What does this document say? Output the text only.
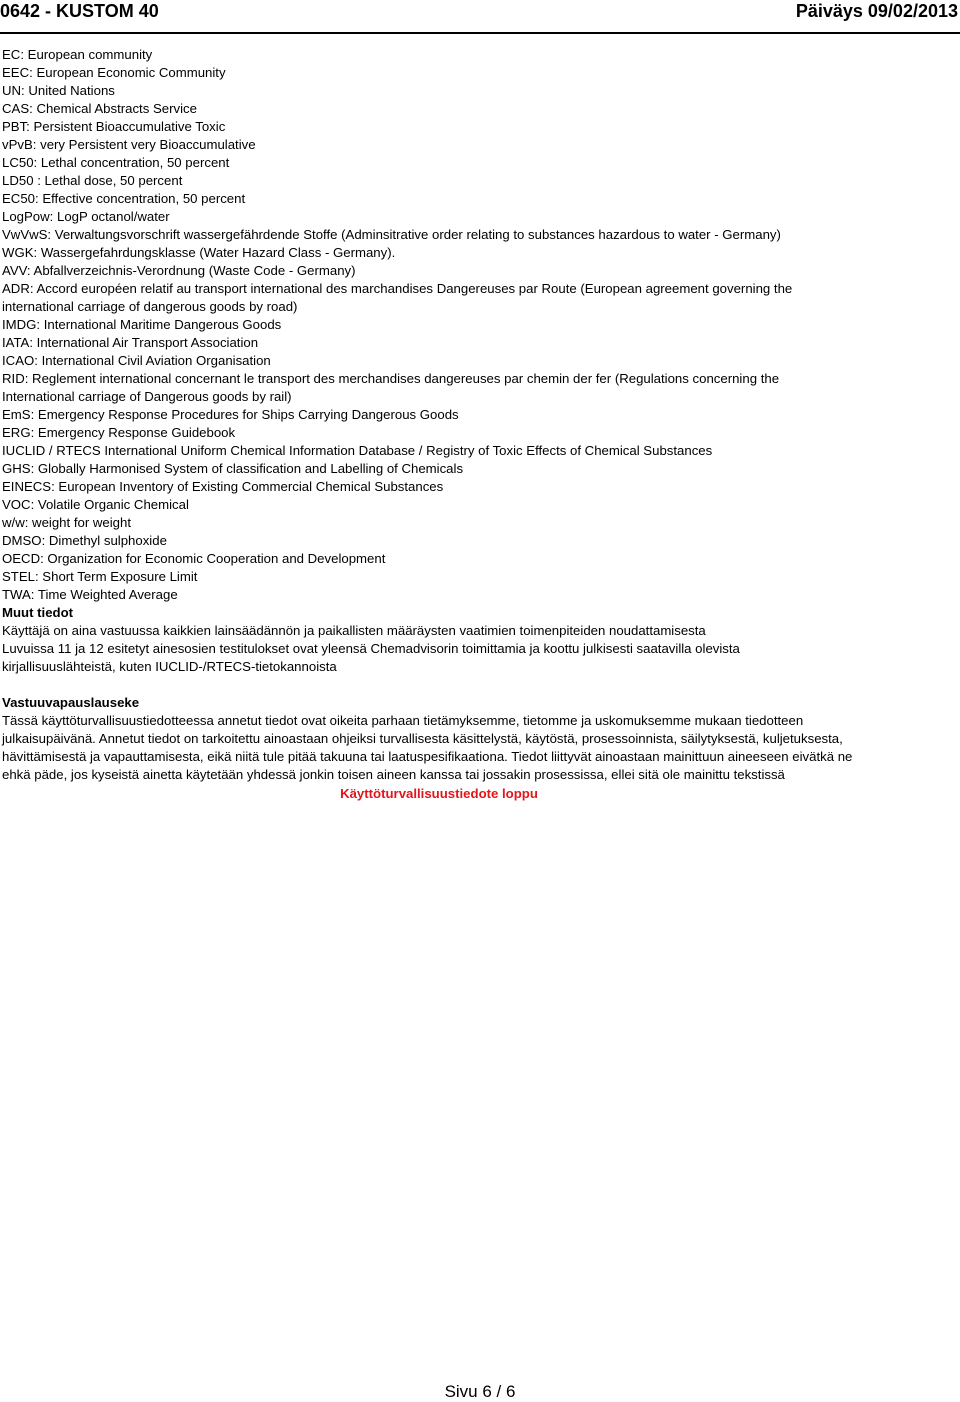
0642 - KUSTOM 40	Päiväys 09/02/2013
EC: European community
EEC: European Economic Community
UN: United Nations
CAS: Chemical Abstracts Service
PBT: Persistent Bioaccumulative Toxic
vPvB: very Persistent very Bioaccumulative
LC50: Lethal concentration, 50 percent
LD50 : Lethal dose, 50 percent
EC50: Effective concentration, 50 percent
LogPow: LogP octanol/water
VwVwS: Verwaltungsvorschrift wassergefährdende Stoffe (Adminsitrative order relating to substances hazardous to water - Germany)
WGK: Wassergefahrdungsklasse (Water Hazard Class - Germany).
AVV: Abfallverzeichnis-Verordnung (Waste Code - Germany)
ADR: Accord européen relatif au transport international des marchandises Dangereuses par Route (European agreement governing the
international carriage of dangerous goods by road)
IMDG: International Maritime Dangerous Goods
IATA: International Air Transport Association
ICAO: International Civil Aviation Organisation
RID: Reglement international concernant le transport des merchandises dangereuses par chemin der fer (Regulations concerning the
International carriage of Dangerous goods by rail)
EmS: Emergency Response Procedures for Ships Carrying Dangerous Goods
ERG: Emergency Response Guidebook
IUCLID / RTECS International Uniform Chemical Information Database / Registry of Toxic Effects of Chemical Substances
GHS: Globally Harmonised System of classification and Labelling of Chemicals
EINECS: European Inventory of Existing Commercial Chemical Substances
VOC: Volatile Organic Chemical
w/w: weight for weight
DMSO: Dimethyl sulphoxide
OECD: Organization for Economic Cooperation and Development
STEL: Short Term Exposure Limit
TWA: Time Weighted Average
Muut tiedot
Käyttäjä on aina vastuussa kaikkien lainsäädännön ja paikallisten määräysten vaatimien toimenpiteiden noudattamisesta
Luvuissa 11 ja 12 esitetyt ainesosien testitulokset ovat yleensä Chemadvisorin toimittamia ja koottu julkisesti saatavilla olevista
kirjallisuuslähteistä, kuten IUCLID-/RTECS-tietokannoista
Vastuuvapauslauseke
Tässä käyttöturvallisuustiedotteessa annetut tiedot ovat oikeita parhaan tietämyksemme, tietomme ja uskomuksemme mukaan tiedotteen
julkaisupäivänä. Annetut tiedot on tarkoitettu ainoastaan ohjeiksi turvallisesta käsittelystä, käytöstä, prosessoinnista, säilytyksestä, kuljetuksesta,
hävittämisestä ja vapauttamisesta, eikä niitä tule pitää takuuna tai laatuspesifikaationa. Tiedot liittyvät ainoastaan mainittuun aineeseen eivätkä ne
ehkä päde, jos kyseistä ainetta käytetään yhdessä jonkin toisen aineen kanssa tai jossakin prosessissa, ellei sitä ole mainittu tekstissä
Käyttöturvallisuustiedote loppu
Sivu 6 / 6
